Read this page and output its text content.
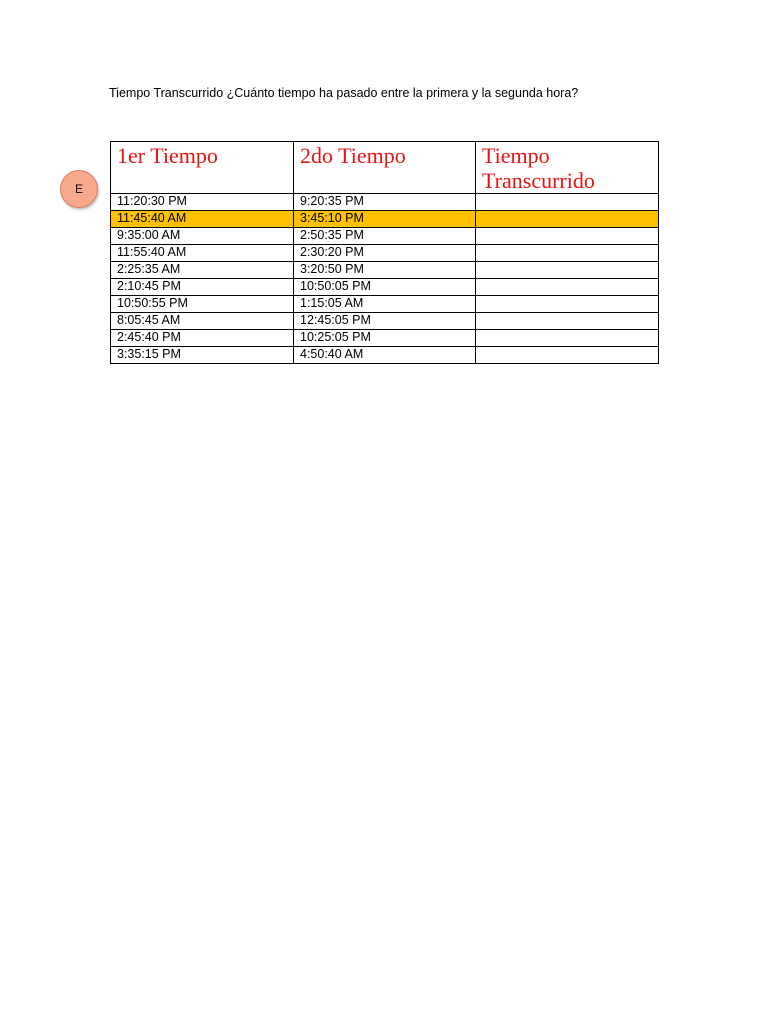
Tiempo Transcurrido ¿Cuánto tiempo ha pasado entre la primera y la segunda hora?
E
1er Tiempo	2do Tiempo	Tiempo Transcurrido
11:20:30 PM	9:20:35 PM	
11:45:40 AM	3:45:10 PM	
9:35:00 AM	2:50:35 PM	
11:55:40 AM	2:30:20 PM	
2:25:35 AM	3:20:50 PM	
2:10:45 PM	10:50:05 PM	
10:50:55 PM	1:15:05 AM	
8:05:45 AM	12:45:05 PM	
2:45:40 PM	10:25:05 PM	
3:35:15 PM	4:50:40 AM	
